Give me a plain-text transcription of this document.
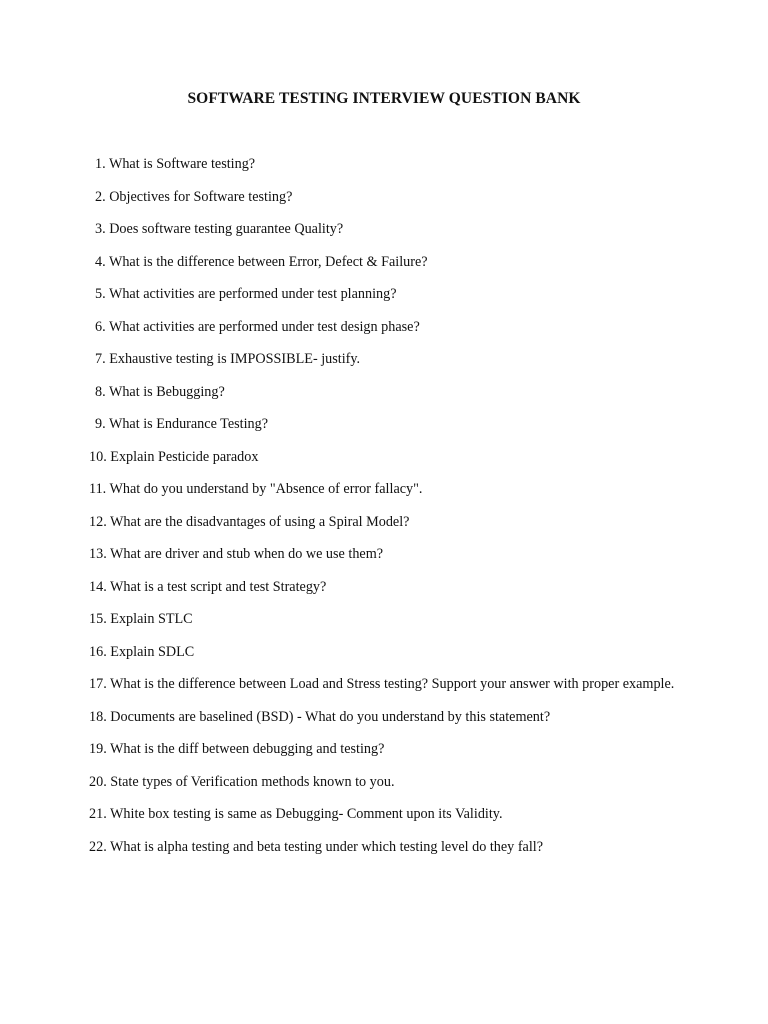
SOFTWARE TESTING INTERVIEW QUESTION BANK
1. What is Software testing?
2. Objectives for Software testing?
3. Does software testing guarantee Quality?
4. What is the difference between Error, Defect & Failure?
5. What activities are performed under test planning?
6. What activities are performed under test design phase?
7. Exhaustive testing is IMPOSSIBLE- justify.
8. What is Bebugging?
9. What is Endurance Testing?
10. Explain Pesticide paradox
11. What do you understand by "Absence of error fallacy".
12. What are the disadvantages of using a Spiral Model?
13. What are driver and stub when do we use them?
14. What is a test script and test Strategy?
15. Explain STLC
16. Explain SDLC
17. What is the difference between Load and Stress testing? Support your answer with proper example.
18. Documents are baselined (BSD) - What do you understand by this statement?
19. What is the diff between debugging and testing?
20. State types of Verification methods known to you.
21. White box testing is same as Debugging- Comment upon its Validity.
22. What is alpha testing and beta testing under which testing level do they fall?
